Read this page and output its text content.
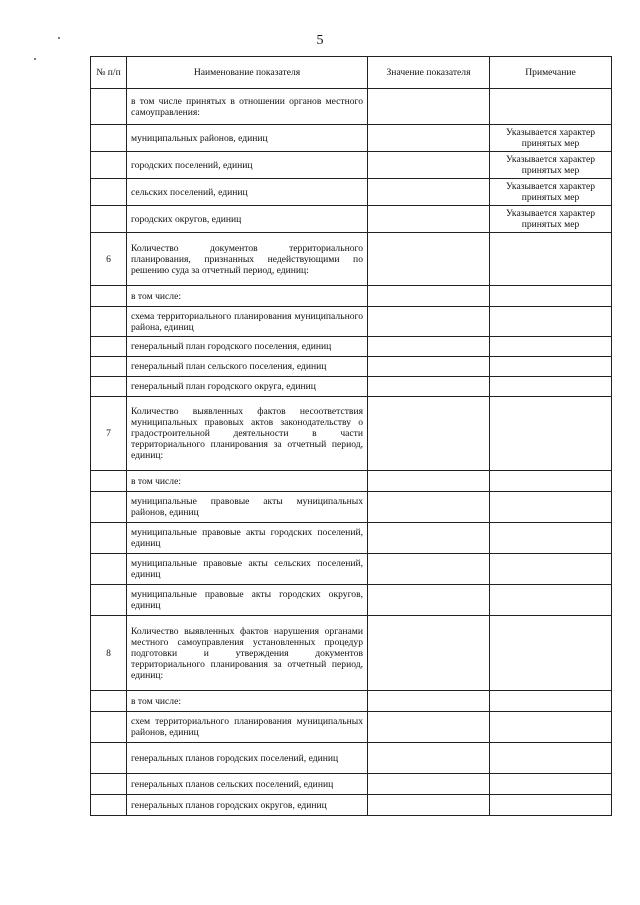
5
№ п/п	Наименование показателя	Значение показателя	Примечание
	в том числе принятых в отношении органов местного самоуправления:		
	муниципальных районов, единиц		Указывается характер принятых мер
	городских поселений, единиц		Указывается характер принятых мер
	сельских поселений, единиц		Указывается характер принятых мер
	городских округов, единиц		Указывается характер принятых мер
6	Количество документов территориального планирования, признанных недействующими по решению суда за отчетный период, единиц:		
	в том числе:		
	схема территориального планирования муниципального района, единиц		
	генеральный план городского поселения, единиц		
	генеральный план сельского поселения, единиц		
	генеральный план городского округа, единиц		
7	Количество выявленных фактов несоответствия муниципальных правовых актов законодательству о градостроительной деятельности в части территориального планирования за отчетный период, единиц:		
	в том числе:		
	муниципальные правовые акты муниципальных районов, единиц		
	муниципальные правовые акты городских поселений, единиц		
	муниципальные правовые акты сельских поселений, единиц		
	муниципальные правовые акты городских округов, единиц		
8	Количество выявленных фактов нарушения органами местного самоуправления установленных процедур подготовки и утверждения документов территориального планирования за отчетный период, единиц:		
	в том числе:		
	схем территориального планирования муниципальных районов, единиц		
	генеральных планов городских поселений, единиц		
	генеральных планов сельских поселений, единиц		
	генеральных планов городских округов, единиц		
